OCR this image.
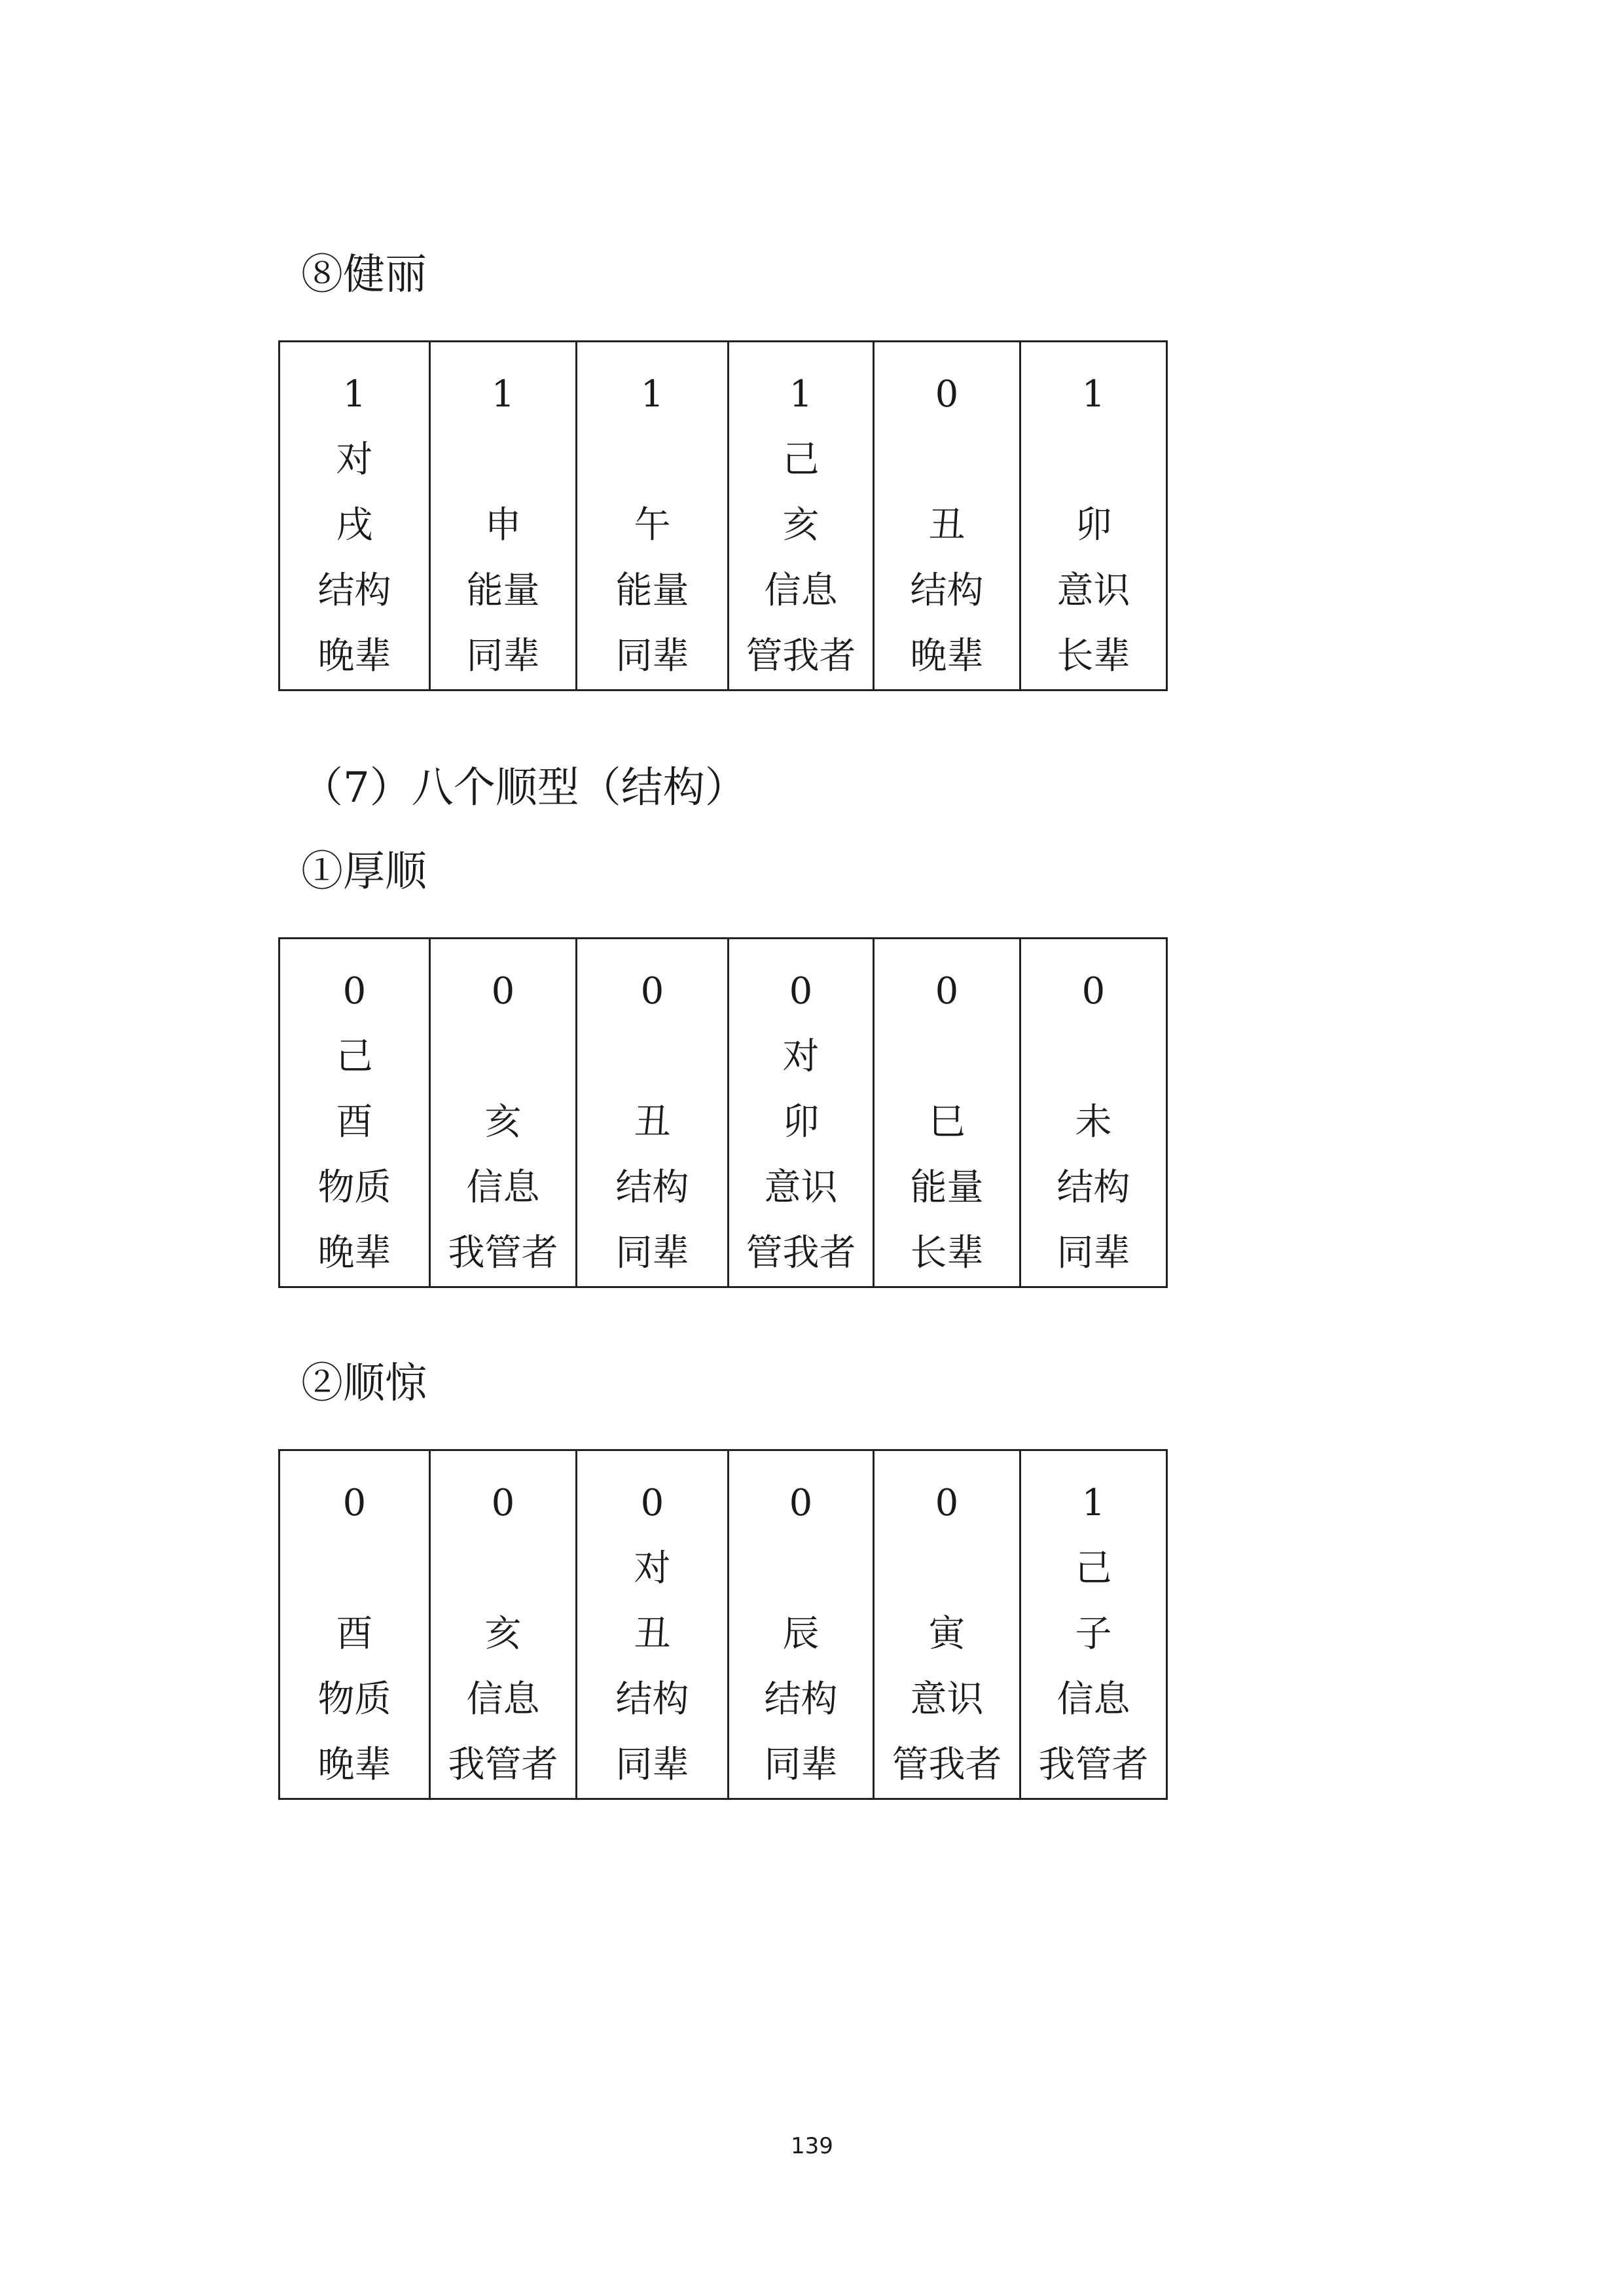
⑧健丽
1
对
戌
结构
晚辈

1
申
能量
同辈

1
午
能量
同辈

1
己
亥
信息
管我者

0
丑
结构
晚辈

1
卯
意识
长辈
（7）八个顺型（结构）
①厚顺
0
己
酉
物质
晚辈

0
亥
信息
我管者

0
丑
结构
同辈

0
对
卯
意识
管我者

0
巳
能量
长辈

0
未
结构
同辈
②顺惊
0
酉
物质
晚辈

0
亥
信息
我管者

0
对
丑
结构
同辈

0
辰
结构
同辈

0
寅
意识
管我者

1
己
子
信息
我管者
139
